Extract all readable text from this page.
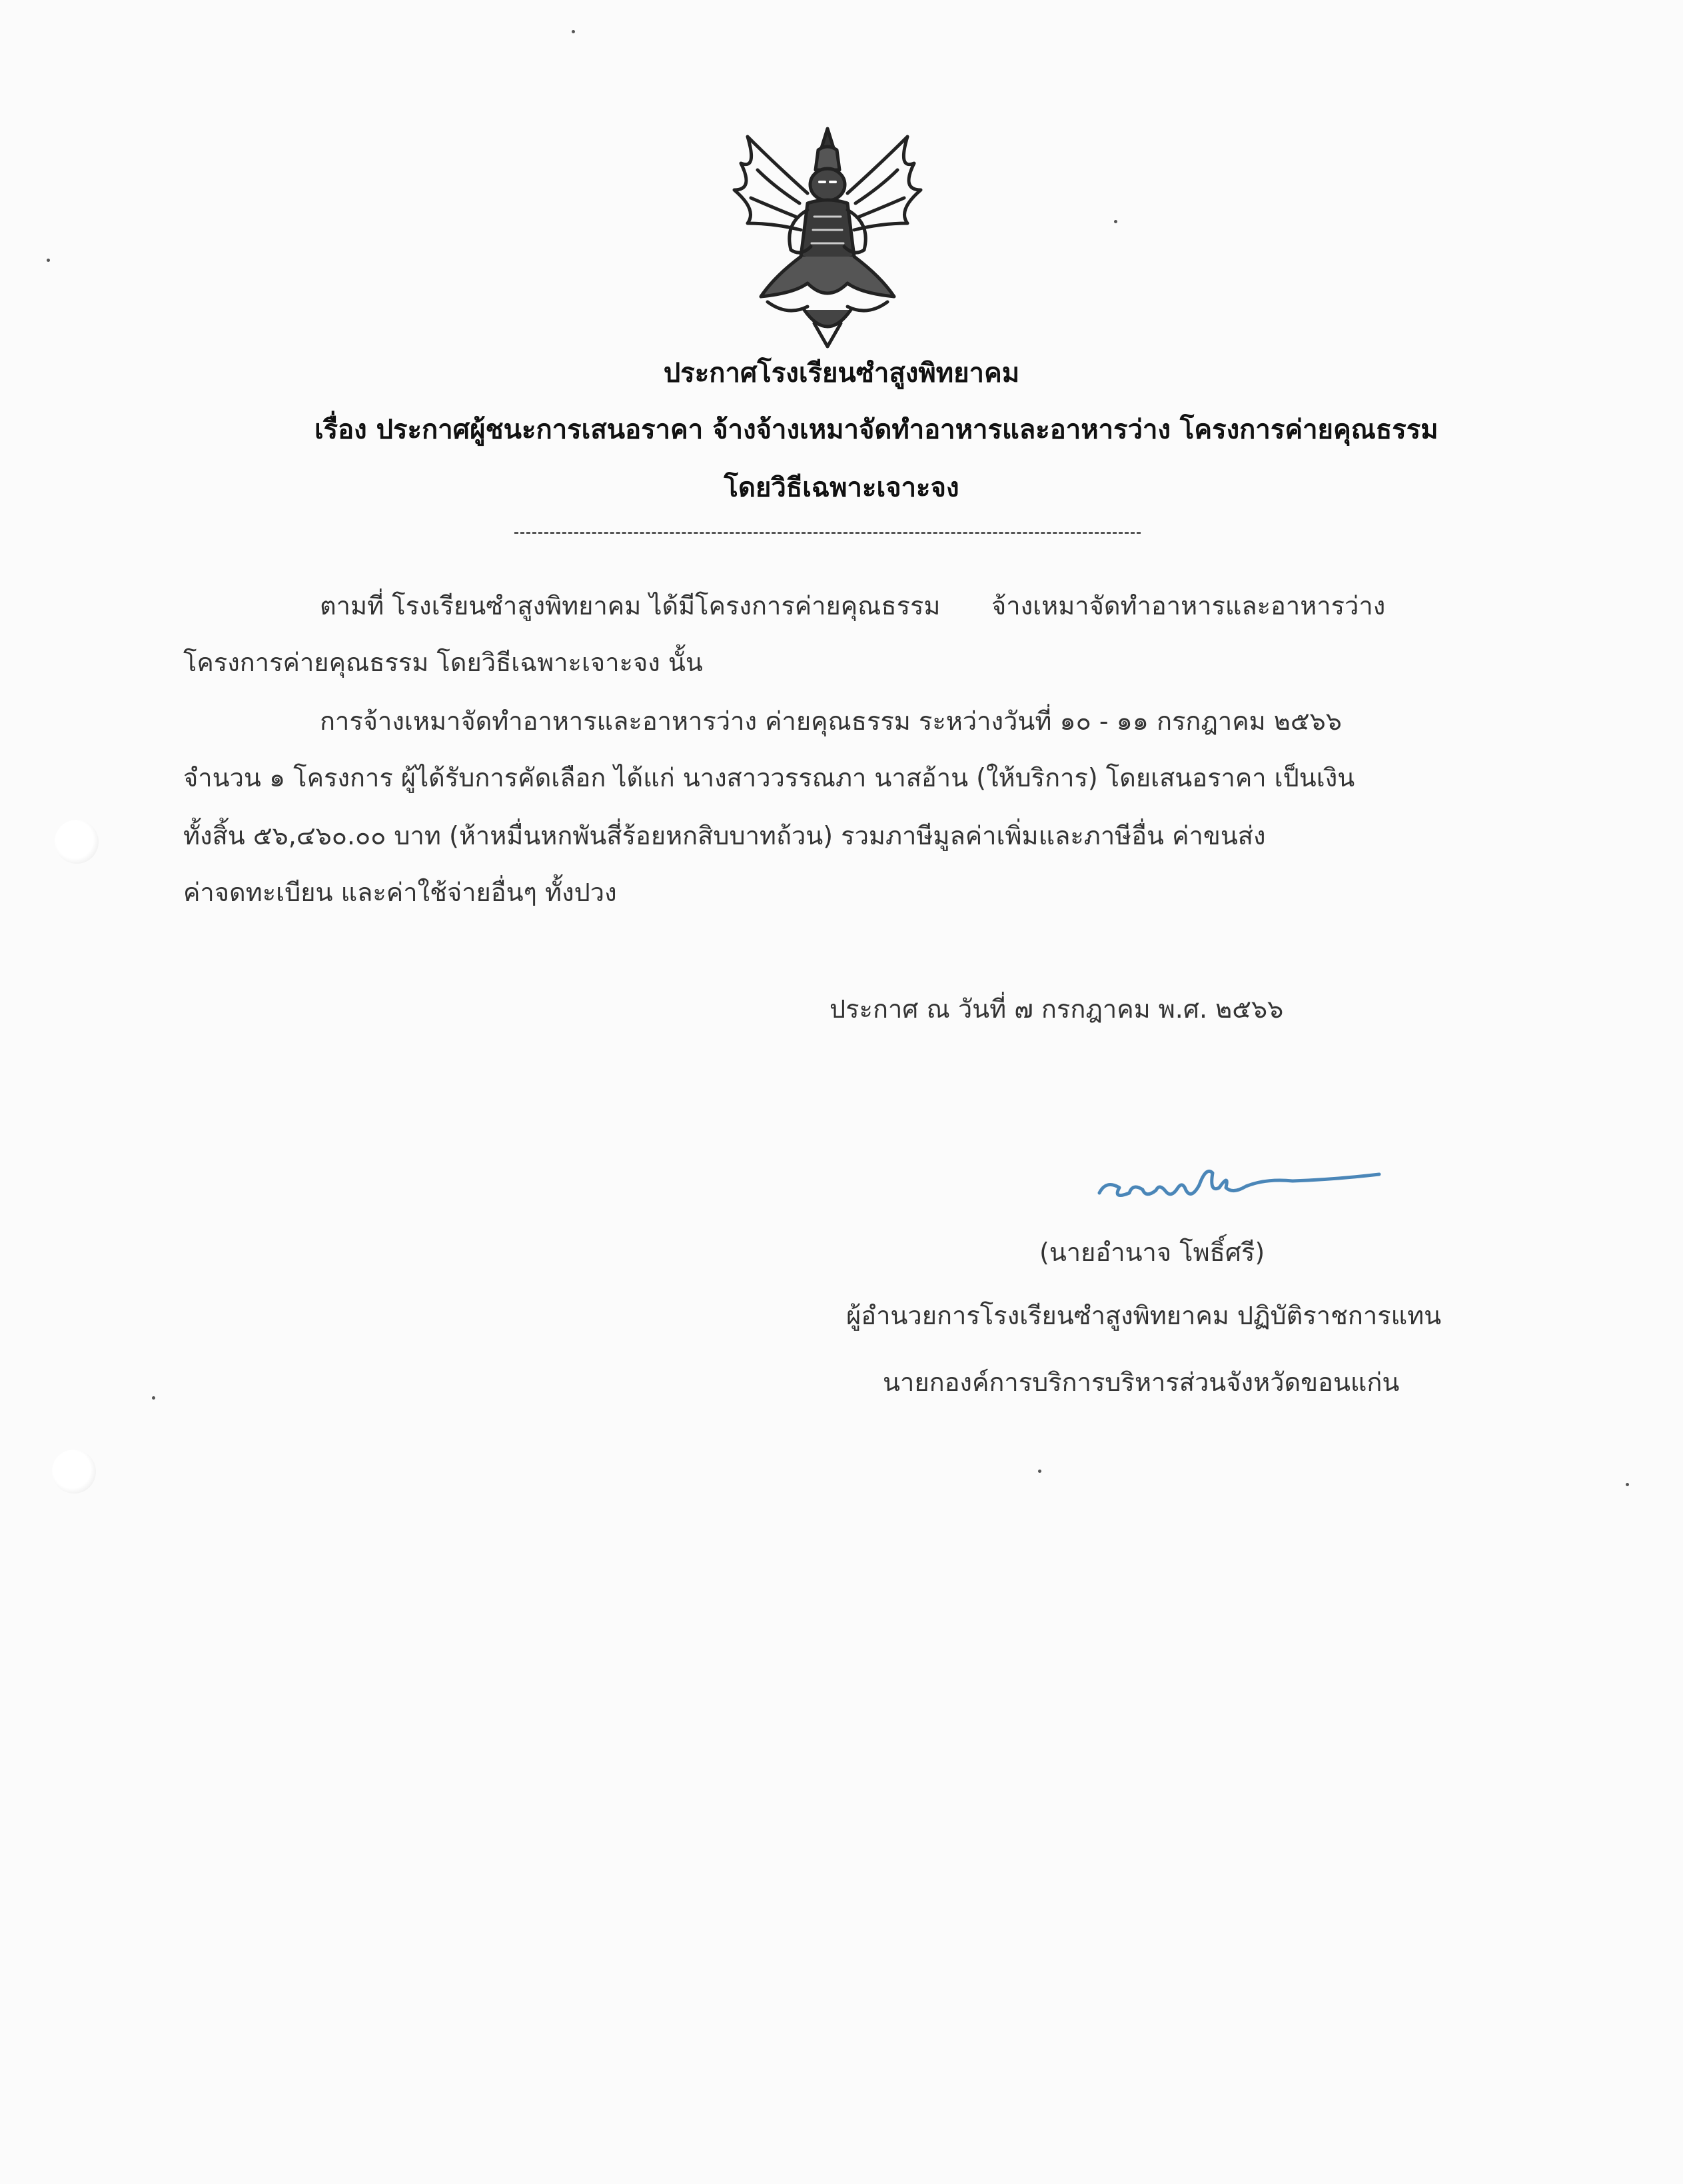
ประกาศโรงเรียนซำสูงพิทยาคม
เรื่อง ประกาศผู้ชนะการเสนอราคา จ้างจ้างเหมาจัดทำอาหารและอาหารว่าง โครงการค่ายคุณธรรม
โดยวิธีเฉพาะเจาะจง
ตามที่ โรงเรียนซำสูงพิทยาคม ได้มีโครงการค่ายคุณธรรม จ้างเหมาจัดทำอาหารและอาหารว่าง
โครงการค่ายคุณธรรม โดยวิธีเฉพาะเจาะจง นั้น
การจ้างเหมาจัดทำอาหารและอาหารว่าง ค่ายคุณธรรม ระหว่างวันที่ ๑๐ - ๑๑ กรกฎาคม ๒๕๖๖
จำนวน ๑ โครงการ ผู้ได้รับการคัดเลือก ได้แก่ นางสาววรรณภา นาสอ้าน (ให้บริการ) โดยเสนอราคา เป็นเงิน
ทั้งสิ้น ๕๖,๔๖๐.๐๐ บาท (ห้าหมื่นหกพันสี่ร้อยหกสิบบาทถ้วน) รวมภาษีมูลค่าเพิ่มและภาษีอื่น ค่าขนส่ง
ค่าจดทะเบียน และค่าใช้จ่ายอื่นๆ ทั้งปวง
ประกาศ ณ วันที่ ๗ กรกฎาคม พ.ศ. ๒๕๖๖
(นายอำนาจ โพธิ์ศรี)
ผู้อำนวยการโรงเรียนซำสูงพิทยาคม ปฏิบัติราชการแทน
นายกองค์การบริการบริหารส่วนจังหวัดขอนแก่น
